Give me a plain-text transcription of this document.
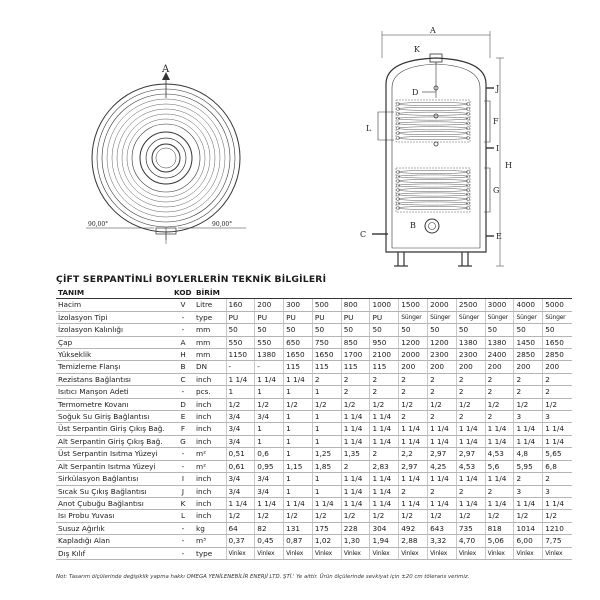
A
90,00°	90,00°
A
K
D	J
F
L
I
H
G
B
C	E
ÇİFT SERPANTİNLİ BOYLERLERİN TEKNİK BİLGİLERİ
TANIM	KOD	BİRİM												
Hacim	V	Litre	160	200	300	500	800	1000	1500	2000	2500	3000	4000	5000
İzolasyon Tipi	-	type	PU	PU	PU	PU	PU	PU	Sünger	Sünger	Sünger	Sünger	Sünger	Sünger
İzolasyon Kalınlığı	-	mm	50	50	50	50	50	50	50	50	50	50	50	50
Çap	A	mm	550	550	650	750	850	950	1200	1200	1380	1380	1450	1650
Yükseklik	H	mm	1150	1380	1650	1650	1700	2100	2000	2300	2300	2400	2850	2850
Temizleme Flanşı	B	DN	-	-	115	115	115	115	200	200	200	200	200	200
Rezistans Bağlantısı	C	inch	1 1/4	1 1/4	1 1/4	2	2	2	2	2	2	2	2	2
Isıtıcı Manşon Adeti	-	pcs.	1	1	1	1	2	2	2	2	2	2	2	2
Termometre Kovanı	D	inch	1/2	1/2	1/2	1/2	1/2	1/2	1/2	1/2	1/2	1/2	1/2	1/2
Soğuk Su Giriş Bağlantısı	E	inch	3/4	3/4	1	1	1 1/4	1 1/4	2	2	2	2	3	3
Üst Serpantin Giriş Çıkış Bağ.	F	inch	3/4	1	1	1	1 1/4	1 1/4	1 1/4	1 1/4	1 1/4	1 1/4	1 1/4	1 1/4
Alt Serpantin Giriş Çıkış Bağ.	G	inch	3/4	1	1	1	1 1/4	1 1/4	1 1/4	1 1/4	1 1/4	1 1/4	1 1/4	1 1/4
Üst Serpantin Isıtma Yüzeyi	-	m²	0,51	0,6	1	1,25	1,35	2	2,2	2,97	2,97	4,53	4,8	5,65
Alt Serpantin Isıtma Yüzeyi	-	m²	0,61	0,95	1,15	1,85	2	2,83	2,97	4,25	4,53	5,6	5,95	6,8
Sirkülasyon Bağlantısı	I	inch	3/4	3/4	1	1	1 1/4	1 1/4	1 1/4	1 1/4	1 1/4	1 1/4	2	2
Sıcak Su Çıkış Bağlantısı	J	inch	3/4	3/4	1	1	1 1/4	1 1/4	2	2	2	2	3	3
Anot Çubuğu Bağlantısı	K	inch	1 1/4	1 1/4	1 1/4	1 1/4	1 1/4	1 1/4	1 1/4	1 1/4	1 1/4	1 1/4	1 1/4	1 1/4
Isı Probu Yuvası	L	inch	1/2	1/2	1/2	1/2	1/2	1/2	1/2	1/2	1/2	1/2	1/2	1/2
Susuz Ağırlık	-	kg	64	82	131	175	228	304	492	643	735	818	1014	1210
Kapladığı Alan	-	m³	0,37	0,45	0,87	1,02	1,30	1,94	2,88	3,32	4,70	5,06	6,00	7,75
Dış Kılıf	-	type	Vinlex	Vinlex	Vinlex	Vinlex	Vinlex	Vinlex	Vinlex	Vinlex	Vinlex	Vinlex	Vinlex	Vinlex
Not: Tasarım ölçülerinde değişiklik yapma hakkı OMEGA YENİLENEBİLİR ENERJİ LTD. ŞTİ.' Ye aittir. Ürün ölçülerinde sevkiyat için ±20 cm tölerans verimiz.
